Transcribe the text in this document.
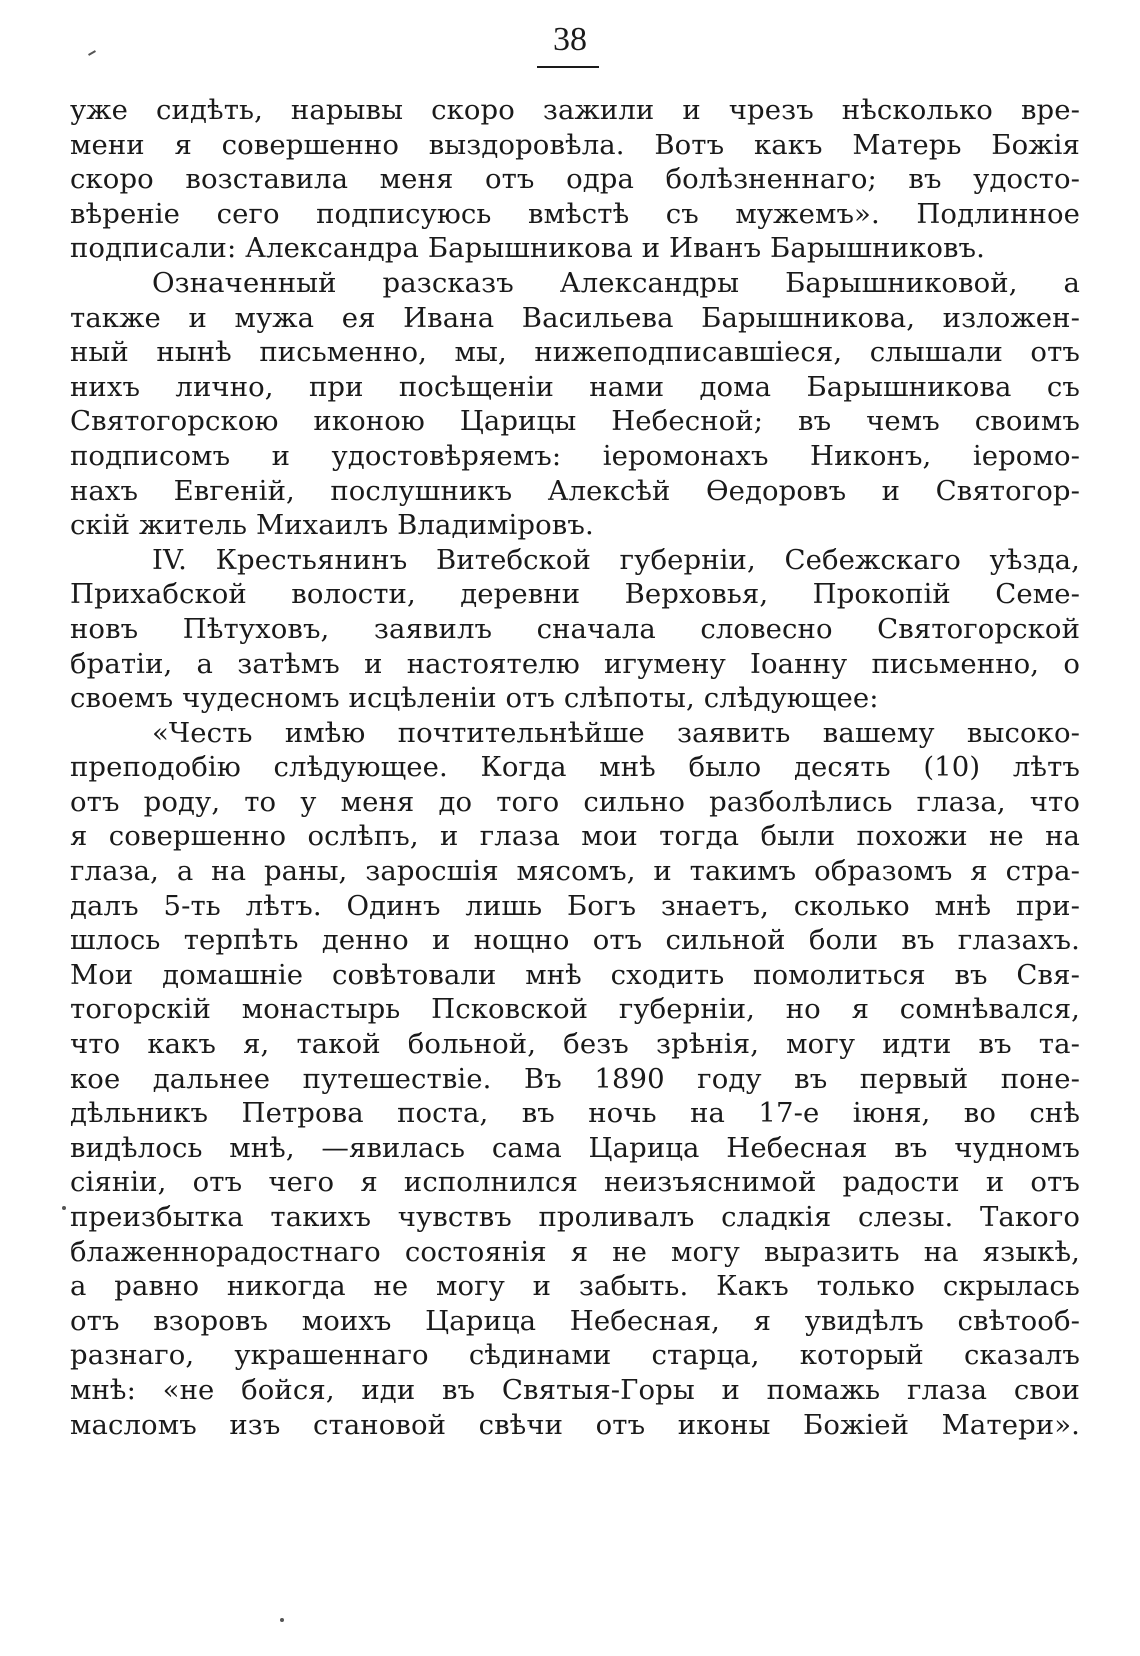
38
уже сидѣть, нарывы скоро зажили и чрезъ нѣсколько вре-
мени я совершенно выздоровѣла. Вотъ какъ Матерь Божія
скоро возставила меня отъ одра болѣзненнаго; въ удосто-
вѣреніе сего подписуюсь вмѣстѣ съ мужемъ». Подлинное
подписали: Александра Барышникова и Иванъ Барышниковъ.
Означенный разсказъ Александры Барышниковой, а
также и мужа ея Ивана Васильева Барышникова, изложен-
ный нынѣ письменно, мы, нижеподписавшіеся, слышали отъ
нихъ лично, при посѣщеніи нами дома Барышникова съ
Святогорскою иконою Царицы Небесной; въ чемъ своимъ
подписомъ и удостовѣряемъ: іеромонахъ Никонъ, іеромо-
нахъ Евгеній, послушникъ Алексѣй Ѳедоровъ и Святогор-
скій житель Михаилъ Владиміровъ.
IV. Крестьянинъ Витебской губерніи, Себежскаго уѣзда,
Прихабской волости, деревни Верховья, Прокопій Семе-
новъ Пѣтуховъ, заявилъ сначала словесно Святогорской
братіи, а затѣмъ и настоятелю игумену Іоанну письменно, о
своемъ чудесномъ исцѣленіи отъ слѣпоты, слѣдующее:
«Честь имѣю почтительнѣйше заявить вашему высоко-
преподобію слѣдующее. Когда мнѣ было десять (10) лѣтъ
отъ роду, то у меня до того сильно разболѣлись глаза, что
я совершенно ослѣпъ, и глаза мои тогда были похожи не на
глаза, а на раны, заросшія мясомъ, и такимъ образомъ я стра-
далъ 5-ть лѣтъ. Одинъ лишь Богъ знаетъ, сколько мнѣ при-
шлось терпѣть денно и нощно отъ сильной боли въ глазахъ.
Мои домашніе совѣтовали мнѣ сходить помолиться въ Свя-
тогорскій монастырь Псковской губерніи, но я сомнѣвался,
что какъ я, такой больной, безъ зрѣнія, могу идти въ та-
кое дальнее путешествіе. Въ 1890 году въ первый поне-
дѣльникъ Петрова поста, въ ночь на 17-е іюня, во снѣ
видѣлось мнѣ, —явилась сама Царица Небесная въ чудномъ
сіяніи, отъ чего я исполнился неизъяснимой радости и отъ
преизбытка такихъ чувствъ проливалъ сладкія слезы. Такого
блаженнорадостнаго состоянія я не могу выразить на языкѣ,
а равно никогда не могу и забыть. Какъ только скрылась
отъ взоровъ моихъ Царица Небесная, я увидѣлъ свѣтооб-
разнаго, украшеннаго сѣдинами старца, который сказалъ
мнѣ: «не бойся, иди въ Святыя-Горы и помажь глаза свои
масломъ изъ становой свѣчи отъ иконы Божіей Матери».
